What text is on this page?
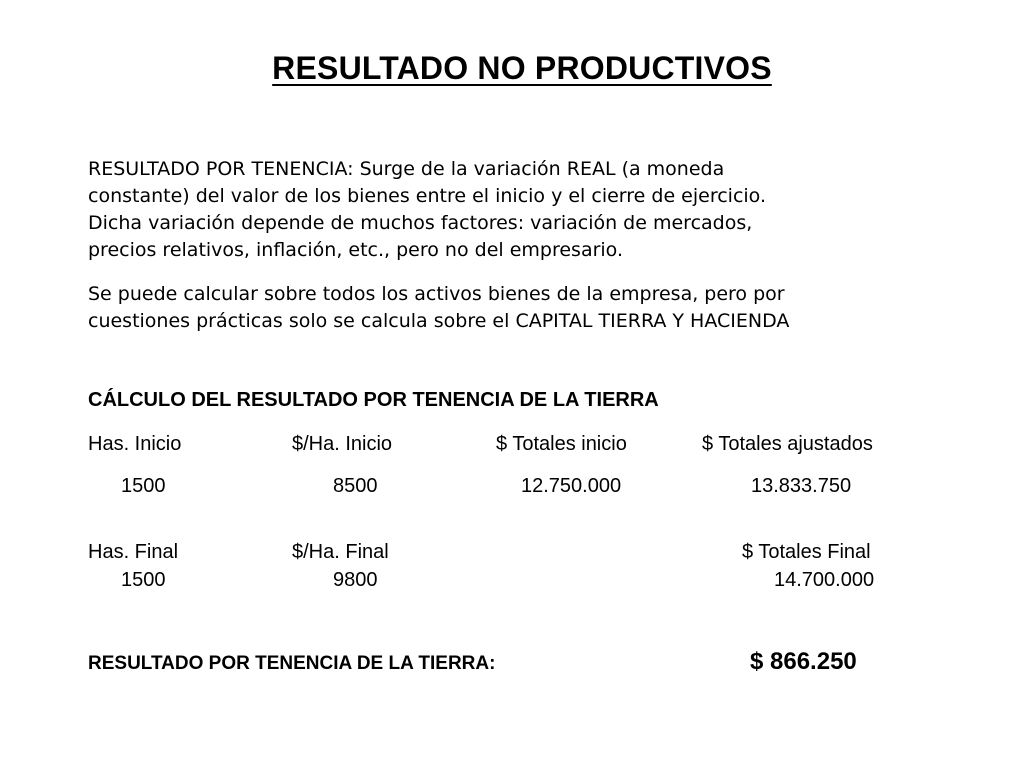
RESULTADO NO PRODUCTIVOS

RESULTADO POR TENENCIA: Surge de la variación REAL (a moneda
constante) del valor de los bienes entre el inicio y el cierre de ejercicio.
Dicha variación depende de muchos factores: variación de mercados,
precios relativos, inflación, etc., pero no del empresario.

Se puede calcular sobre todos los activos bienes de la empresa, pero por
cuestiones prácticas solo se calcula sobre el CAPITAL TIERRA Y HACIENDA

CÁLCULO DEL RESULTADO POR TENENCIA DE LA TIERRA
Has. Inicio	$/Ha. Inicio	$ Totales inicio	$ Totales ajustados
1500	8500	12.750.000	13.833.750
Has. Final	$/Ha. Final	$ Totales Final
1500	9800	14.700.000
RESULTADO POR TENENCIA DE LA TIERRA:	$ 866.250
